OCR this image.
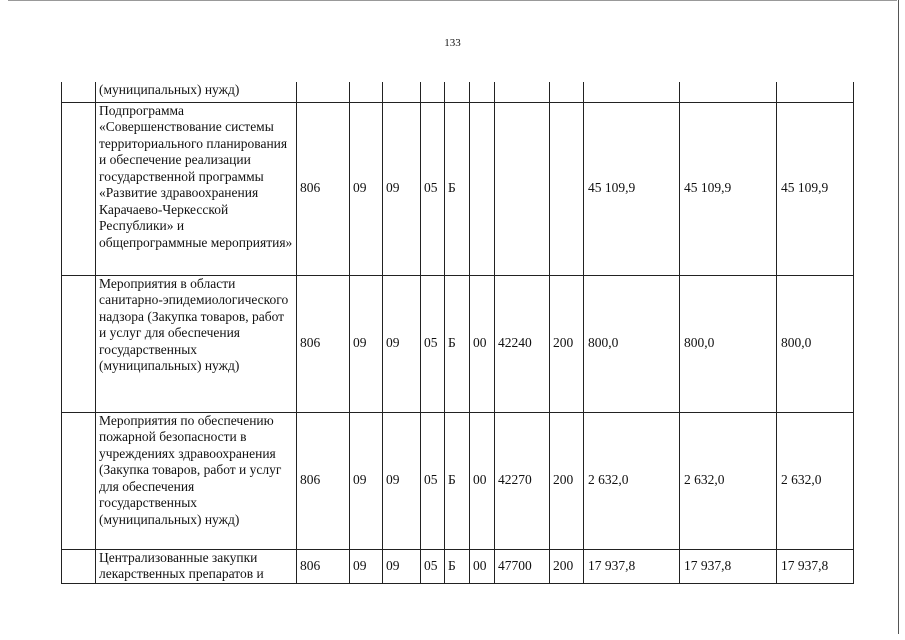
133
	(муниципальных) нужд)											
	Подпрограмма «Совершенствование системы территориального планирования и обеспечение реализации государственной программы «Развитие здравоохранения Карачаево-Черкесской Республики» и общепрограммные мероприятия»	806	09	09	05	Б				45 109,9	45 109,9	45 109,9
	Мероприятия в области санитарно-эпидемиологического надзора (Закупка товаров, работ и услуг для обеспечения государственных (муниципальных) нужд)	806	09	09	05	Б	00	42240	200	800,0	800,0	800,0
	Мероприятия по обеспечению пожарной безопасности в учреждениях здравоохранения (Закупка товаров, работ и услуг для обеспечения государственных (муниципальных) нужд)	806	09	09	05	Б	00	42270	200	2 632,0	2 632,0	2 632,0
	Централизованные закупки лекарственных препаратов и	806	09	09	05	Б	00	47700	200	17 937,8	17 937,8	17 937,8
